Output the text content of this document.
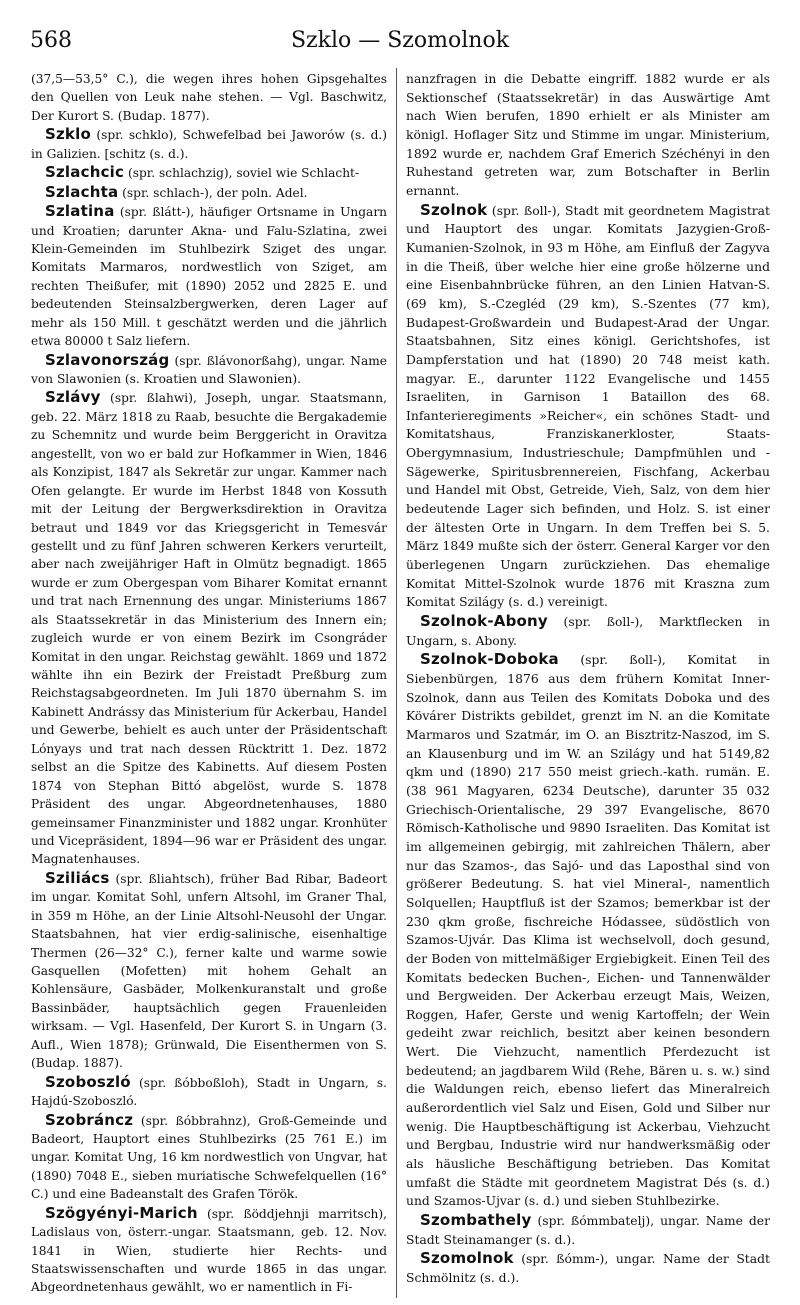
568	Szklo — Szomolnok

(37,5—53,5° C.), die wegen ihres hohen Gipsgehaltes den Quellen von Leuk nahe stehen. — Vgl. Baschwitz, Der Kurort S. (Budap. 1877).

Szklo (spr. schklo), Schwefelbad bei Jaworów (s. d.) in Galizien. [schitz (s. d.).

Szlachcic (spr. schlachzig), soviel wie Schlacht-

Szlachta (spr. schlach-), der poln. Adel.

Szlatina (spr. ßlátt-), häufiger Ortsname in Ungarn und Kroatien; darunter Akna- und Falu-Szlatina, zwei Klein-Gemeinden im Stuhlbezirk Sziget des ungar. Komitats Marmaros, nordwestlich von Sziget, am rechten Theißufer, mit (1890) 2052 und 2825 E. und bedeutenden Steinsalzbergwerken, deren Lager auf mehr als 150 Mill. t geschätzt werden und die jährlich etwa 80000 t Salz liefern.

Szlavonország (spr. ßlávonorßahg), ungar. Name von Slawonien (s. Kroatien und Slawonien).

Szlávy (spr. ßlahwi), Joseph, ungar. Staatsmann, geb. 22. März 1818 zu Raab, besuchte die Bergakademie zu Schemnitz und wurde beim Berggericht in Oravitza angestellt, von wo er bald zur Hofkammer in Wien, 1846 als Konzipist, 1847 als Sekretär zur ungar. Kammer nach Ofen gelangte. Er wurde im Herbst 1848 von Kossuth mit der Leitung der Bergwerksdirektion in Oravitza betraut und 1849 vor das Kriegsgericht in Temesvár gestellt und zu fünf Jahren schweren Kerkers verurteilt, aber nach zweijähriger Haft in Olmütz begnadigt. 1865 wurde er zum Obergespan vom Biharer Komitat ernannt und trat nach Ernennung des ungar. Ministeriums 1867 als Staatssekretär in das Ministerium des Innern ein; zugleich wurde er von einem Bezirk im Csongráder Komitat in den ungar. Reichstag gewählt. 1869 und 1872 wählte ihn ein Bezirk der Freistadt Preßburg zum Reichstagsabgeordneten. Im Juli 1870 übernahm S. im Kabinett Andrássy das Ministerium für Ackerbau, Handel und Gewerbe, behielt es auch unter der Präsidentschaft Lónyays und trat nach dessen Rücktritt 1. Dez. 1872 selbst an die Spitze des Kabinetts. Auf diesem Posten 1874 von Stephan Bittó abgelöst, wurde S. 1878 Präsident des ungar. Abgeordnetenhauses, 1880 gemeinsamer Finanzminister und 1882 ungar. Kronhüter und Vicepräsident, 1894—96 war er Präsident des ungar. Magnatenhauses.

Sziliács (spr. ßliahtsch), früher Bad Ribar, Badeort im ungar. Komitat Sohl, unfern Altsohl, im Graner Thal, in 359 m Höhe, an der Linie Altsohl-Neusohl der Ungar. Staatsbahnen, hat vier erdig-salinische, eisenhaltige Thermen (26—32° C.), ferner kalte und warme sowie Gasquellen (Mofetten) mit hohem Gehalt an Kohlensäure, Gasbäder, Molkenkuranstalt und große Bassinbäder, hauptsächlich gegen Frauenleiden wirksam. — Vgl. Hasenfeld, Der Kurort S. in Ungarn (3. Aufl., Wien 1878); Grünwald, Die Eisenthermen von S. (Budap. 1887).

Szoboszló (spr. ßóbboßloh), Stadt in Ungarn, s. Hajdú-Szoboszló.

Szobráncz (spr. ßóbbrahnz), Groß-Gemeinde und Badeort, Hauptort eines Stuhlbezirks (25 761 E.) im ungar. Komitat Ung, 16 km nordwestlich von Ungvar, hat (1890) 7048 E., sieben muriatische Schwefelquellen (16° C.) und eine Badeanstalt des Grafen Török.

Szögyényi-Marich (spr. ßöddjehnji marritsch), Ladislaus von, österr.-ungar. Staatsmann, geb. 12. Nov. 1841 in Wien, studierte hier Rechts- und Staatswissenschaften und wurde 1865 in das ungar. Abgeordnetenhaus gewählt, wo er namentlich in Fi-

nanzfragen in die Debatte eingriff. 1882 wurde er als Sektionschef (Staatssekretär) in das Auswärtige Amt nach Wien berufen, 1890 erhielt er als Minister am königl. Hoflager Sitz und Stimme im ungar. Ministerium, 1892 wurde er, nachdem Graf Emerich Széchényi in den Ruhestand getreten war, zum Botschafter in Berlin ernannt.

Szolnok (spr. ßoll-), Stadt mit geordnetem Magistrat und Hauptort des ungar. Komitats Jazygien-Groß-Kumanien-Szolnok, in 93 m Höhe, am Einfluß der Zagyva in die Theiß, über welche hier eine große hölzerne und eine Eisenbahnbrücke führen, an den Linien Hatvan-S. (69 km), S.-Czegléd (29 km), S.-Szentes (77 km), Budapest-Großwardein und Budapest-Arad der Ungar. Staatsbahnen, Sitz eines königl. Gerichtshofes, ist Dampferstation und hat (1890) 20 748 meist kath. magyar. E., darunter 1122 Evangelische und 1455 Israeliten, in Garnison 1 Bataillon des 68. Infanterieregiments »Reicher«, ein schönes Stadt- und Komitatshaus, Franziskanerkloster, Staats-Obergymnasium, Industrieschule; Dampfmühlen und -Sägewerke, Spiritusbrennereien, Fischfang, Ackerbau und Handel mit Obst, Getreide, Vieh, Salz, von dem hier bedeutende Lager sich befinden, und Holz. S. ist einer der ältesten Orte in Ungarn. In dem Treffen bei S. 5. März 1849 mußte sich der österr. General Karger vor den überlegenen Ungarn zurückziehen. Das ehemalige Komitat Mittel-Szolnok wurde 1876 mit Kraszna zum Komitat Szilágy (s. d.) vereinigt.

Szolnok-Abony (spr. ßoll-), Marktflecken in Ungarn, s. Abony.

Szolnok-Doboka (spr. ßoll-), Komitat in Siebenbürgen, 1876 aus dem frühern Komitat Inner-Szolnok, dann aus Teilen des Komitats Doboka und des Kövárer Distrikts gebildet, grenzt im N. an die Komitate Marmaros und Szatmár, im O. an Bisztritz-Naszod, im S. an Klausenburg und im W. an Szilágy und hat 5149,82 qkm und (1890) 217 550 meist griech.-kath. rumän. E. (38 961 Magyaren, 6234 Deutsche), darunter 35 032 Griechisch-Orientalische, 29 397 Evangelische, 8670 Römisch-Katholische und 9890 Israeliten. Das Komitat ist im allgemeinen gebirgig, mit zahlreichen Thälern, aber nur das Szamos-, das Sajó- und das Laposthal sind von größerer Bedeutung. S. hat viel Mineral-, namentlich Solquellen; Hauptfluß ist der Szamos; bemerkbar ist der 230 qkm große, fischreiche Hódassee, südöstlich von Szamos-Ujvár. Das Klima ist wechselvoll, doch gesund, der Boden von mittelmäßiger Ergiebigkeit. Einen Teil des Komitats bedecken Buchen-, Eichen- und Tannenwälder und Bergweiden. Der Ackerbau erzeugt Mais, Weizen, Roggen, Hafer, Gerste und wenig Kartoffeln; der Wein gedeiht zwar reichlich, besitzt aber keinen besondern Wert. Die Viehzucht, namentlich Pferdezucht ist bedeutend; an jagdbarem Wild (Rehe, Bären u. s. w.) sind die Waldungen reich, ebenso liefert das Mineralreich außerordentlich viel Salz und Eisen, Gold und Silber nur wenig. Die Hauptbeschäftigung ist Ackerbau, Viehzucht und Bergbau, Industrie wird nur handwerksmäßig oder als häusliche Beschäftigung betrieben. Das Komitat umfaßt die Städte mit geordnetem Magistrat Dés (s. d.) und Szamos-Ujvar (s. d.) und sieben Stuhlbezirke.

Szombathely (spr. ßómmbatelj), ungar. Name der Stadt Steinamanger (s. d.).

Szomolnok (spr. ßómm-), ungar. Name der Stadt Schmölnitz (s. d.).
